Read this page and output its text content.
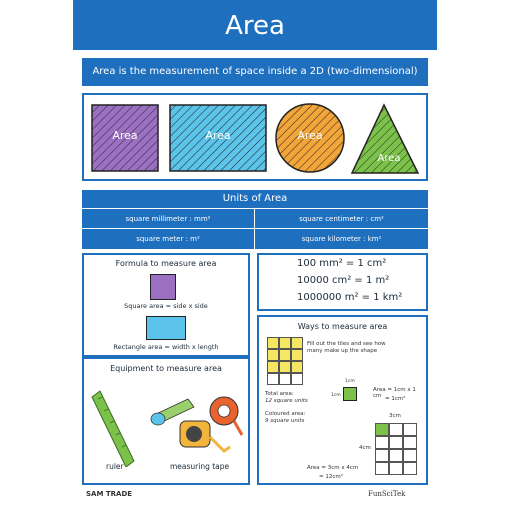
Area
Area is the measurement of space inside a 2D (two-dimensional)
Area	Area	Area
Area
Units of Area
square millimeter : mm²	square centimeter : cm²
square meter : m²	square kilometer : km²
Formula to measure area
Square area = side x side
Rectangle area = width x length
100 mm² = 1 cm²
10000 cm² = 1 m²
1000000 m² = 1 km²
Equipment to measure area
ruler	measuring tape
Ways to measure area
Fill out the tiles and see how many make up the shape
Total area:
12 square units
Coloured area:
9 square units
1cm
1cm
Area = 1cm x 1 cm = 1cm²
3cm
4cm
Area = 3cm x 4cm
= 12cm²
SAM TRADE	FunSciTek
